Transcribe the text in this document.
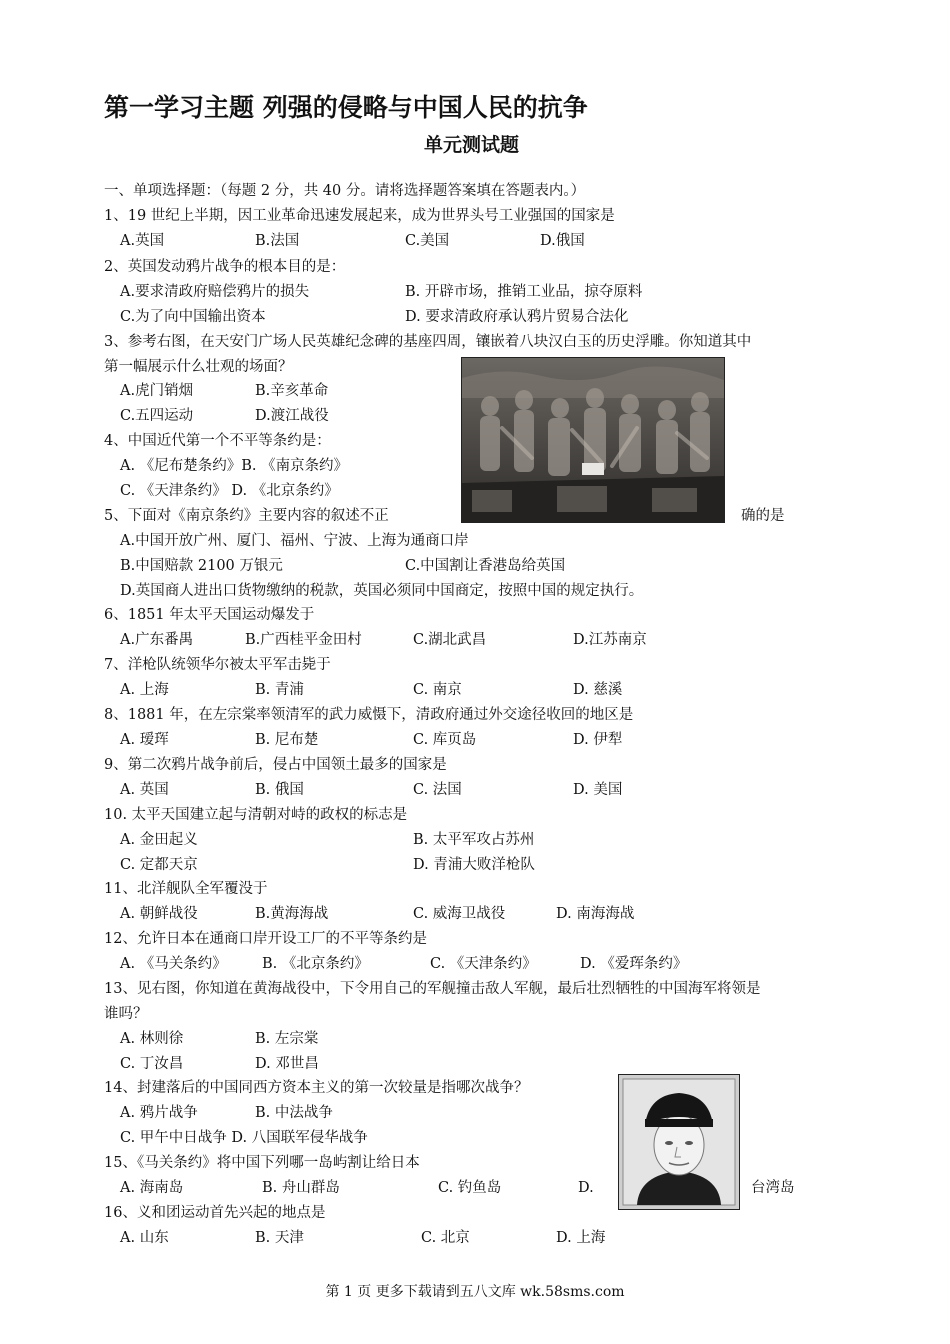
第一学习主题 列强的侵略与中国人民的抗争
单元测试题
一、单项选择题：（每题 2 分，共 40 分。请将选择题答案填在答题表内。）
1、19 世纪上半期，因工业革命迅速发展起来，成为世界头号工业强国的国家是
A.英国	B.法国	C.美国	D.俄国
2、英国发动鸦片战争的根本目的是：
A.要求清政府赔偿鸦片的损失	B. 开辟市场，推销工业品，掠夺原料
C.为了向中国输出资本	D. 要求清政府承认鸦片贸易合法化
3、参考右图，在天安门广场人民英雄纪念碑的基座四周，镶嵌着八块汉白玉的历史浮雕。你知道其中
第一幅展示什么壮观的场面？
A.虎门销烟	B.辛亥革命
C.五四运动	D.渡江战役
4、中国近代第一个不平等条约是：
A. 《尼布楚条约》B. 《南京条约》
C. 《天津条约》 D. 《北京条约》
5、下面对《南京条约》主要内容的叙述不正	确的是
A.中国开放广州、厦门、福州、宁波、上海为通商口岸
B.中国赔款 2100 万银元	C.中国割让香港岛给英国
D.英国商人进出口货物缴纳的税款，英国必须同中国商定，按照中国的规定执行。
6、1851 年太平天国运动爆发于
A.广东番禺	B.广西桂平金田村	C.湖北武昌	D.江苏南京
7、洋枪队统领华尔被太平军击毙于
A. 上海	B. 青浦	C. 南京	D. 慈溪
8、1881 年，在左宗棠率领清军的武力威慑下，清政府通过外交途径收回的地区是
A. 瑷珲	B. 尼布楚	C. 库页岛	D. 伊犁
9、第二次鸦片战争前后，侵占中国领土最多的国家是
A. 英国	B. 俄国	C. 法国	D. 美国
10. 太平天国建立起与清朝对峙的政权的标志是
A. 金田起义	B. 太平军攻占苏州
C. 定都天京	D. 青浦大败洋枪队
11、北洋舰队全军覆没于
A. 朝鲜战役	B.黄海海战	C. 威海卫战役	D. 南海海战
12、允许日本在通商口岸开设工厂的不平等条约是
A. 《马关条约》 B. 《北京条约》	C. 《天津条约》	D. 《爱珲条约》
13、见右图，你知道在黄海战役中，下令用自己的军舰撞击敌人军舰，最后壮烈牺牲的中国海军将领是
谁吗？
A. 林则徐	B. 左宗棠
C. 丁汝昌	D. 邓世昌
14、封建落后的中国同西方资本主义的第一次较量是指哪次战争？
A. 鸦片战争	B. 中法战争
C. 甲午中日战争 D. 八国联军侵华战争
15、《马关条约》将中国下列哪一岛屿割让给日本
A. 海南岛	B. 舟山群岛	C. 钓鱼岛	D.	台湾岛
16、义和团运动首先兴起的地点是
A. 山东	B. 天津	C. 北京	D. 上海
第 1 页 更多下载请到五八文库 wk.58sms.com
